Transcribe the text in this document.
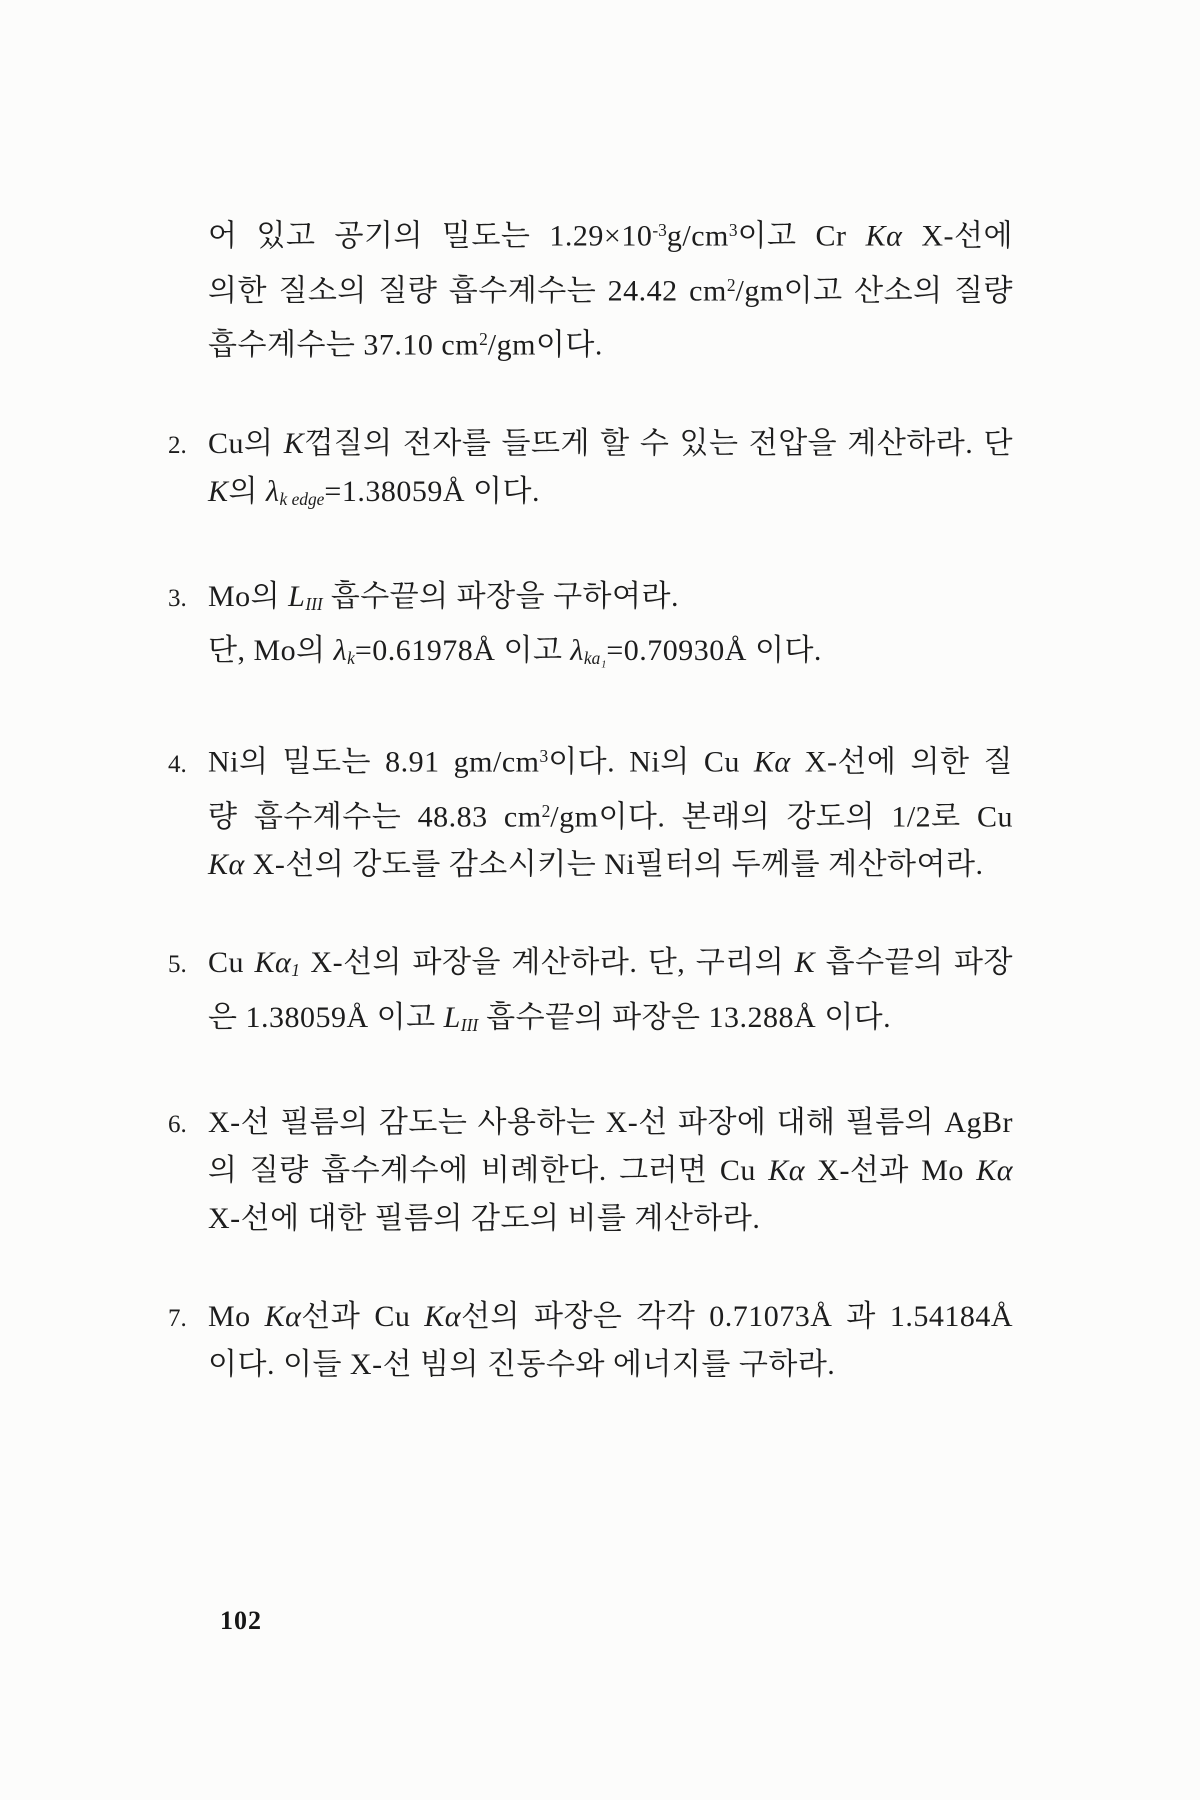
어 있고 공기의 밀도는 $1.29\times 10^{-3}g/cm^3$이고 Cr Kα X-선에
의한 질소의 질량 흡수계수는 24.42 $cm^2/gm$이고 산소의 질량
흡수계수는 37.10 $cm^2/gm$이다.
2. Cu의 K껍질의 전자를 들뜨게 할 수 있는 전압을 계산하라. 단
K의 λk edge=1.38059Å 이다.
3. Mo의 LIII 흡수끝의 파장을 구하여라.
단, Mo의 λk=0.61978Å 이고 λka₁=0.70930Å 이다.
4. Ni의 밀도는 8.91 $gm/cm^3$이다. Ni의 Cu Kα X-선에 의한 질
량 흡수계수는 48.83 $cm^2/gm$이다. 본래의 강도의 1/2로 Cu
Kα X-선의 강도를 감소시키는 Ni필터의 두께를 계산하여라.
5. Cu Kα1 X-선의 파장을 계산하라. 단, 구리의 K 흡수끝의 파장
은 1.38059Å 이고 LIII 흡수끝의 파장은 13.288Å 이다.
6. X-선 필름의 감도는 사용하는 X-선 파장에 대해 필름의 AgBr
의 질량 흡수계수에 비례한다. 그러면 Cu Kα X-선과 Mo Kα
X-선에 대한 필름의 감도의 비를 계산하라.
7. Mo Kα선과 Cu Kα선의 파장은 각각 0.71073Å 과 1.54184Å
이다. 이들 X-선 빔의 진동수와 에너지를 구하라.
102
